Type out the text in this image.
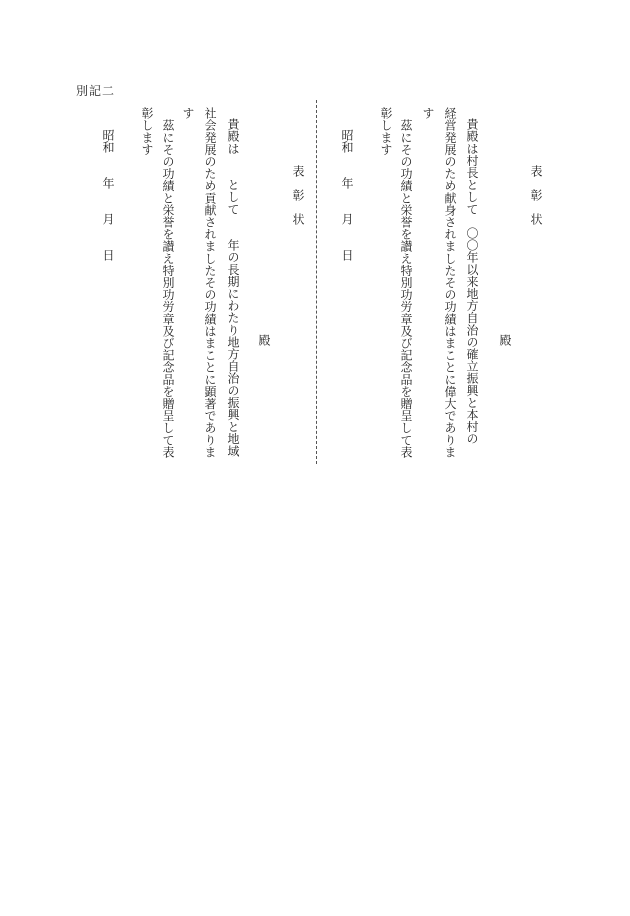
別記二
表彰状
殿
貴殿は村長として　〇〇年以来地方自治の確立振興と本村の
経営発展のため献身されましたその功績はまことに偉大でありま
す
　茲にその功績と栄誉を讃え特別功労章及び記念品を贈呈して表
彰します
　昭和　　年　　月　　日
表彰状
殿
貴殿は　　として　　年の長期にわたり地方自治の振興と地域
社会発展のため貢献されましたその功績はまことに顕著でありま
す
　茲にその功績と栄誉を讃え特別功労章及び記念品を贈呈して表
彰します
　昭和　　年　　月　　日
